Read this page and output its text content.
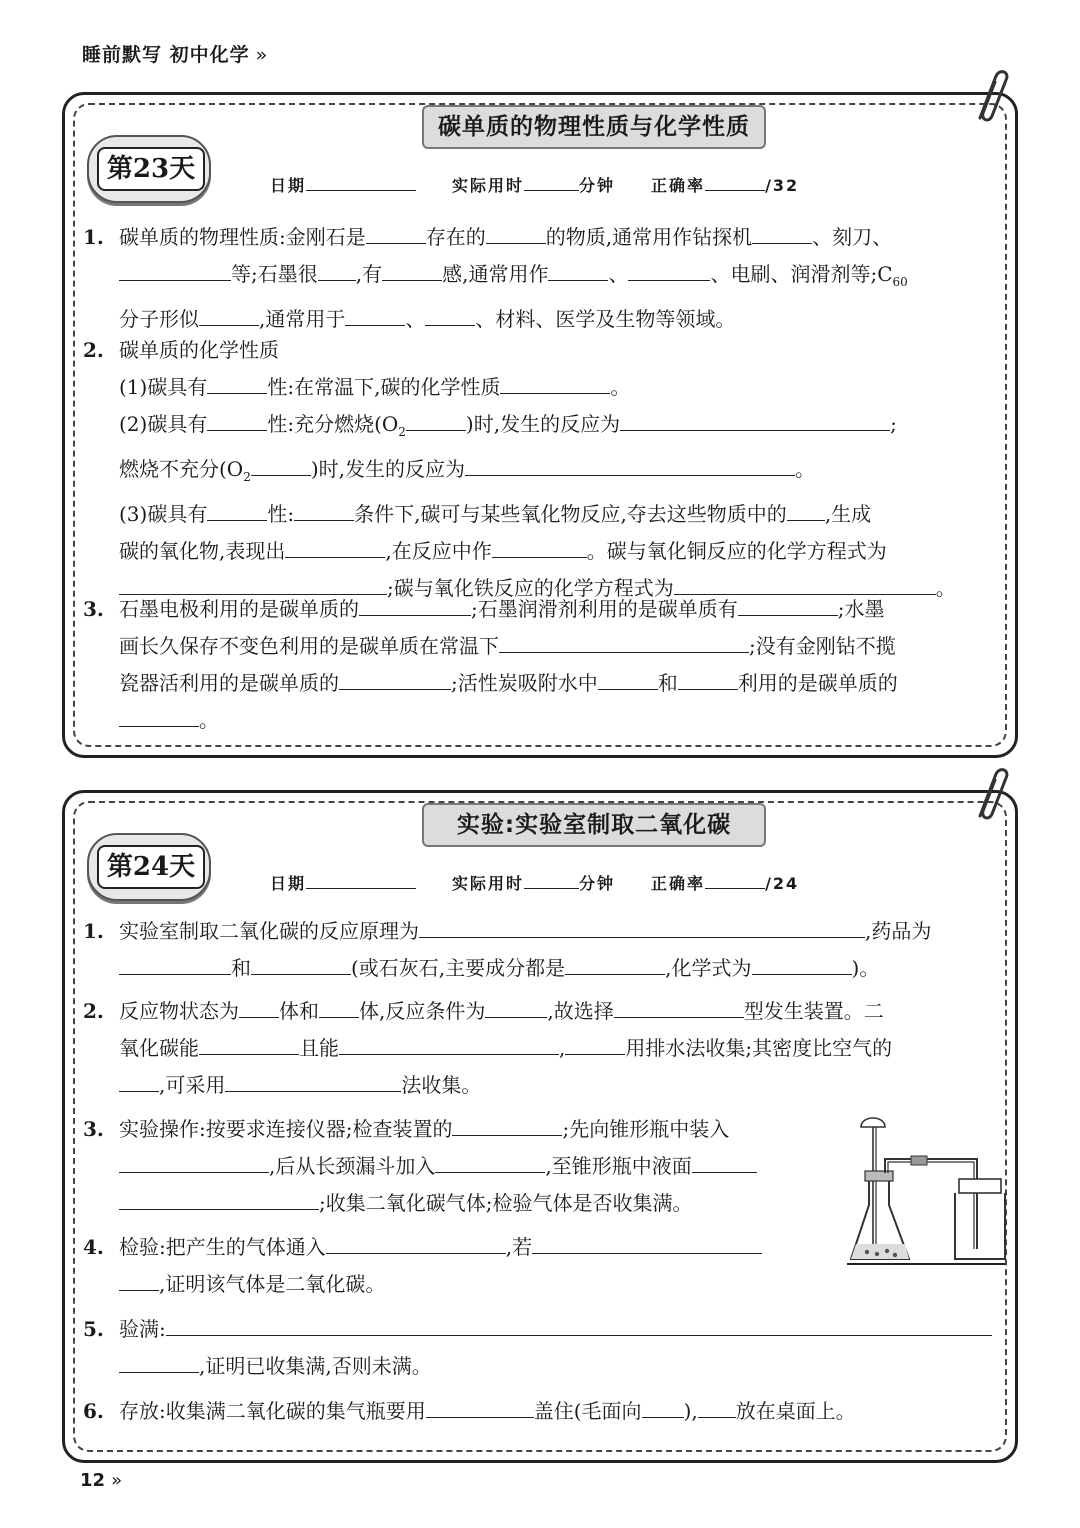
睡前默写 初中化学 »
碳单质的物理性质与化学性质
第23天
日期	实际用时	分钟 正确率	/32
1. 碳单质的物理性质:金刚石是	存在的	的物质,通常用作钻探机	、刻刀、
等;石墨很 ,有	感,通常用作	、	、电刷、润滑剂等$;C_{60}$
分子形似	,通常用于	、	、材料、医学及生物等领域。
2. 碳单质的化学性质
(1)碳具有	性:在常温下,碳的化学性质	。
(2)碳具有	性:充分燃烧($O_2$	)时,发生的反应为	;
燃烧不充分($O_2$	)时,发生的反应为	。
(3)碳具有	性:	条件下,碳可与某些氧化物反应,夺去这些物质中的 ,生成
碳的氧化物,表现出	,在反应中作	。碳与氧化铜反应的化学方程式为
;碳与氧化铁反应的化学方程式为	。
3. 石墨电极利用的是碳单质的	;石墨润滑剂利用的是碳单质有	;水墨
画长久保存不变色利用的是碳单质在常温下	;没有金刚钻不揽
瓷器活利用的是碳单质的	;活性炭吸附水中	和	利用的是碳单质的
。
实验:实验室制取二氧化碳
第24天
日期	实际用时	分钟 正确率	/24
1. 实验室制取二氧化碳的反应原理为	,药品为
和	(或石灰石,主要成分都是	,化学式为	)。
2. 反应物状态为 体和 体,反应条件为	,故选择	型发生装置。二
氧化碳能	且能	,	用排水法收集;其密度比空气的
,可采用	法收集。
3. 实验操作:按要求连接仪器;检查装置的	;先向锥形瓶中装入
,后从长颈漏斗加入	,至锥形瓶中液面
;收集二氧化碳气体;检验气体是否收集满。
4. 检验:把产生的气体通入	,若
,证明该气体是二氧化碳。
5. 验满:
,证明已收集满,否则未满。
6. 存放:收集满二氧化碳的集气瓶要用	盖住(毛面向 ), 放在桌面上。
12 »
